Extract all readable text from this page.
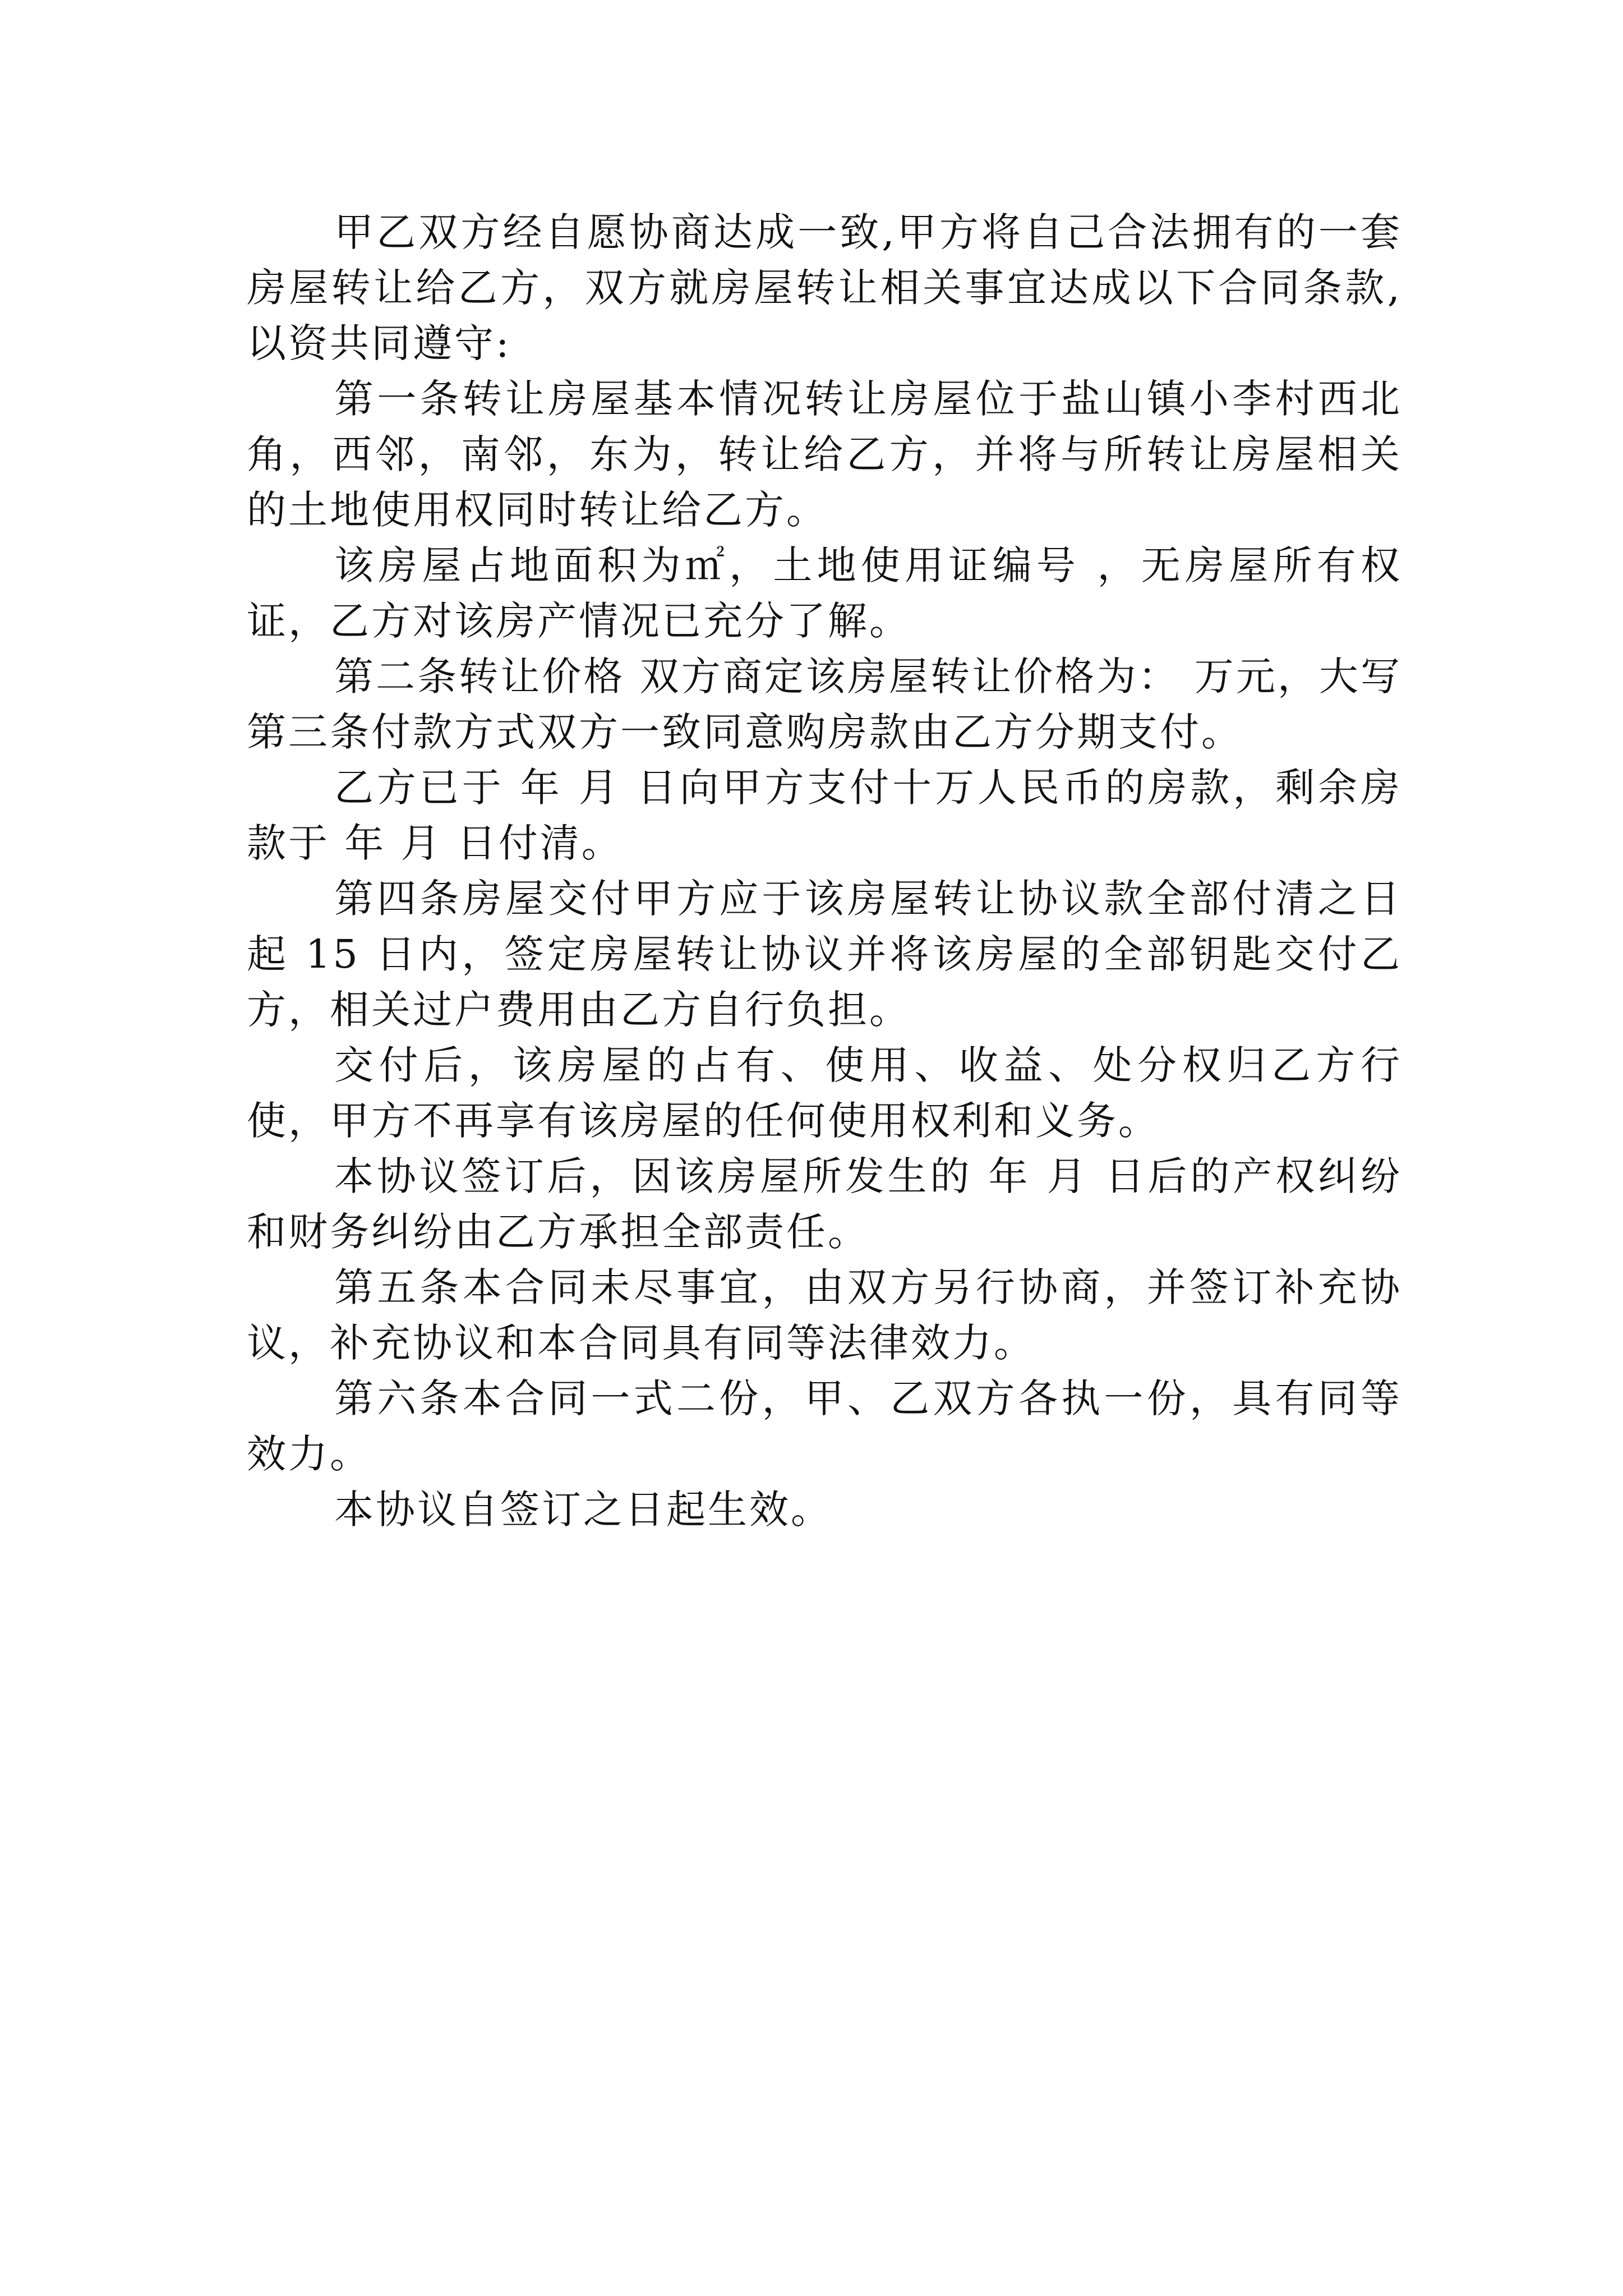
甲乙双方经自愿协商达成一致,甲方将自己合法拥有的一套房屋转让给乙方，双方就房屋转让相关事宜达成以下合同条款,以资共同遵守:

第一条转让房屋基本情况转让房屋位于盐山镇小李村西北角，西邻，南邻，东为，转让给乙方，并将与所转让房屋相关的土地使用权同时转让给乙方。

该房屋占地面积为㎡，土地使用证编号 ，无房屋所有权证，乙方对该房产情况已充分了解。

第二条转让价格 双方商定该房屋转让价格为： 万元，大写 第三条付款方式双方一致同意购房款由乙方分期支付。

乙方已于 年 月 日向甲方支付十万人民币的房款，剩余房款于 年 月 日付清。

第四条房屋交付甲方应于该房屋转让协议款全部付清之日起 15 日内，签定房屋转让协议并将该房屋的全部钥匙交付乙方，相关过户费用由乙方自行负担。

交付后，该房屋的占有、使用、收益、处分权归乙方行使，甲方不再享有该房屋的任何使用权利和义务。

本协议签订后，因该房屋所发生的 年 月 日后的产权纠纷和财务纠纷由乙方承担全部责任。

第五条本合同未尽事宜，由双方另行协商，并签订补充协议，补充协议和本合同具有同等法律效力。

第六条本合同一式二份，甲、乙双方各执一份，具有同等效力。

本协议自签订之日起生效。
